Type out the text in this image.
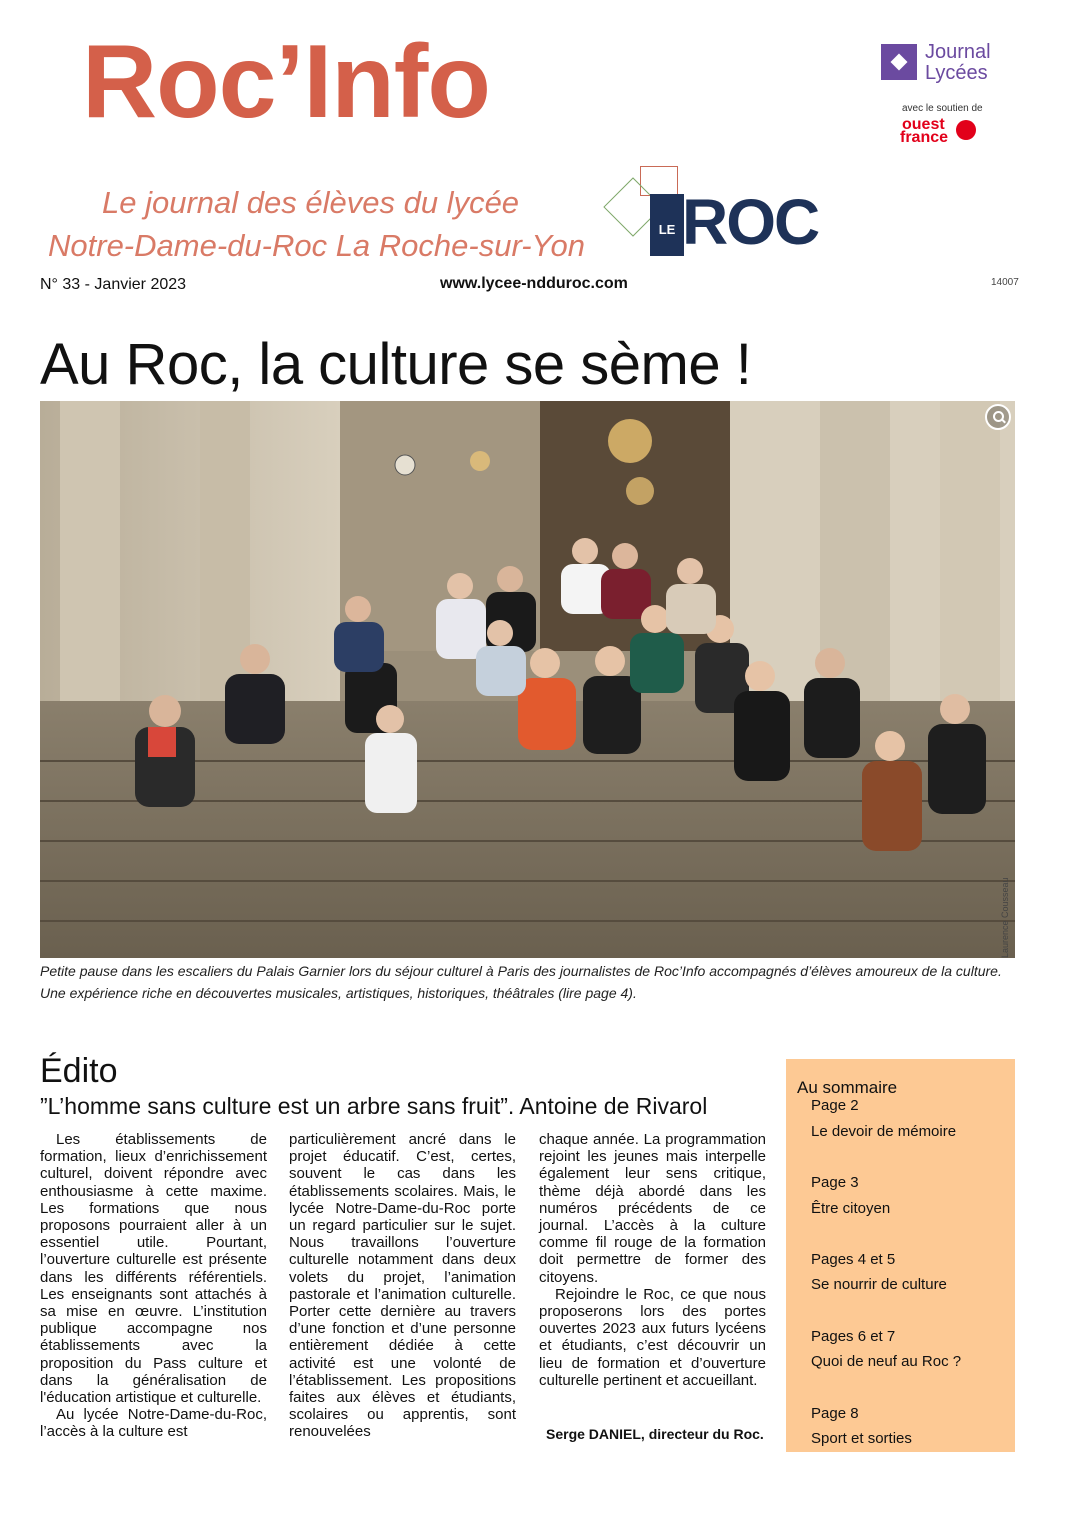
Roc’Info
Le journal des élèves du lycée
Notre-Dame-du-Roc La Roche-sur-Yon	LE ROC
Journal
Lycées
avec le soutien de
ouest
france
N° 33 - Janvier 2023	www.lycee-ndduroc.com	14007
Au Roc, la culture se sème !
Laurence Cousseau
Petite pause dans les escaliers du Palais Garnier lors du séjour culturel à Paris des journalistes de Roc’Info accompagnés d’élèves amoureux de la culture. Une expérience riche en découvertes musicales, artistiques, historiques, théâtrales (lire page 4).
Édito
”L’homme sans culture est un arbre sans fruit”. Antoine de Rivarol

Les établissements de formation, lieux d’enrichissement culturel, doivent répondre avec enthousiasme à cette maxime. Les formations que nous proposons pourraient aller à un essentiel utile. Pourtant, l’ouverture culturelle est présente dans les différents référentiels. Les enseignants sont attachés à sa mise en œuvre. L’institution publique accompagne nos établissements avec la proposition du Pass culture et dans la généralisation de l'éducation artistique et culturelle.

Au lycée Notre-Dame-du-Roc, l’accès à la culture est

particulièrement ancré dans le projet éducatif. C’est, certes, souvent le cas dans les établissements scolaires. Mais, le lycée Notre-Dame-du-Roc porte un regard particulier sur le sujet. Nous travaillons l’ouverture culturelle notamment dans deux volets du projet, l’animation pastorale et l’animation culturelle. Porter cette dernière au travers d’une fonction et d’une personne entièrement dédiée à cette activité est une volonté de l’établissement. Les propositions faites aux élèves et étudiants, scolaires ou apprentis, sont renouvelées

chaque année. La programmation rejoint les jeunes mais interpelle également leur sens critique, thème déjà abordé dans les numéros précédents de ce journal. L’accès à la culture comme fil rouge de la formation doit permettre de former des citoyens.

Rejoindre le Roc, ce que nous proposerons lors des portes ouvertes 2023 aux futurs lycéens et étudiants, c’est découvrir un lieu de formation et d’ouverture culturelle pertinent et accueillant.

Serge DANIEL, directeur du Roc.
Au sommaire
Page 2
Le devoir de mémoire
Page 3
Être citoyen
Pages 4 et 5
Se nourrir de culture
Pages 6 et 7
Quoi de neuf au Roc ?
Page 8
Sport et sorties
